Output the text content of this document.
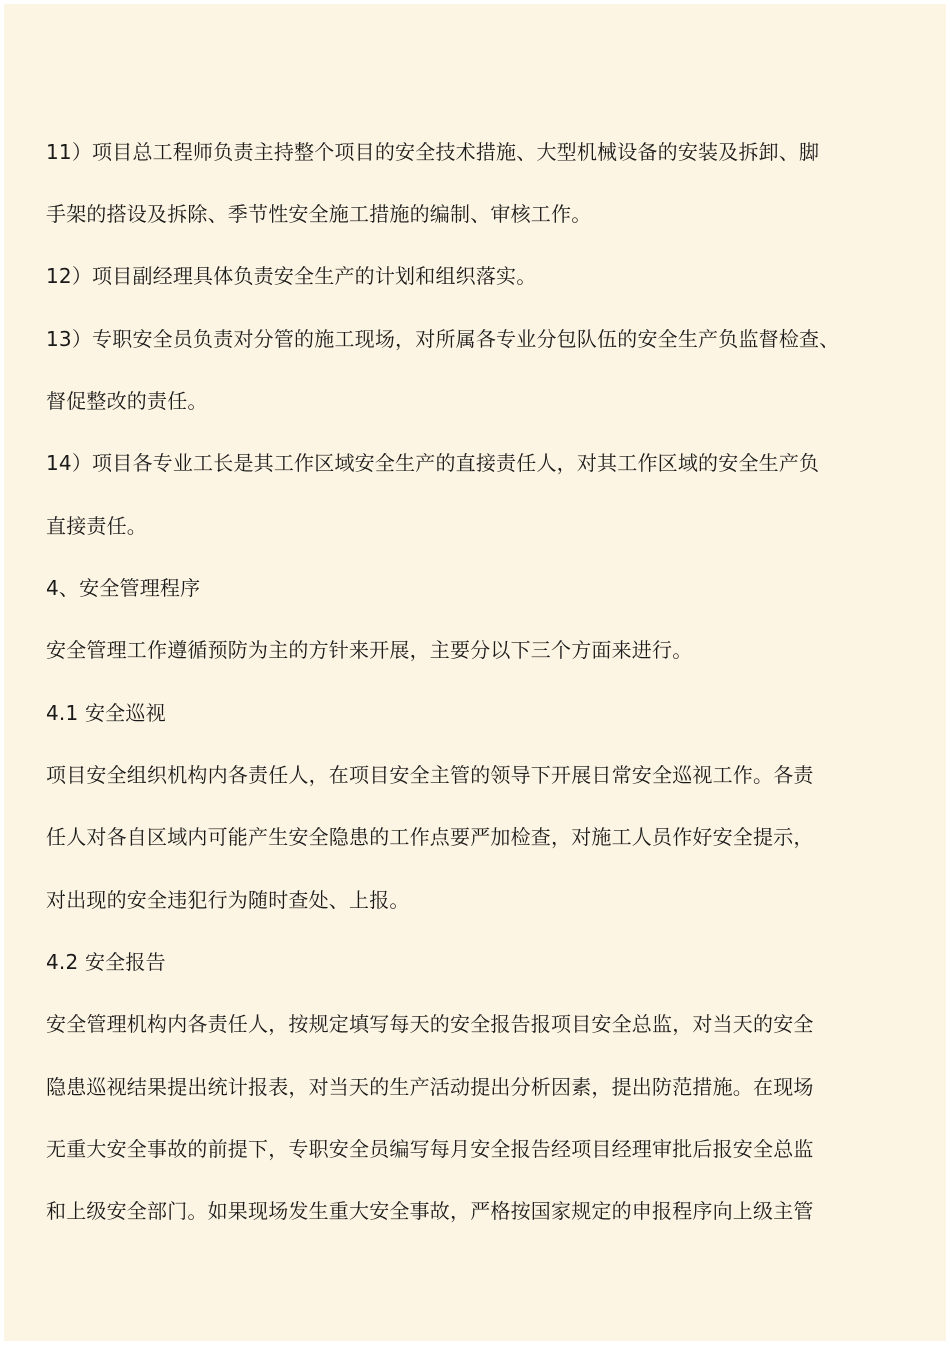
11）项目总工程师负责主持整个项目的安全技术措施、大型机械设备的安装及拆卸、脚
手架的搭设及拆除、季节性安全施工措施的编制、审核工作。
12）项目副经理具体负责安全生产的计划和组织落实。
13）专职安全员负责对分管的施工现场，对所属各专业分包队伍的安全生产负监督检查、
督促整改的责任。
14）项目各专业工长是其工作区域安全生产的直接责任人，对其工作区域的安全生产负
直接责任。
4、安全管理程序
安全管理工作遵循预防为主的方针来开展，主要分以下三个方面来进行。
4.1 安全巡视
项目安全组织机构内各责任人，在项目安全主管的领导下开展日常安全巡视工作。各责
任人对各自区域内可能产生安全隐患的工作点要严加检查，对施工人员作好安全提示，
对出现的安全违犯行为随时查处、上报。
4.2 安全报告
安全管理机构内各责任人，按规定填写每天的安全报告报项目安全总监，对当天的安全
隐患巡视结果提出统计报表，对当天的生产活动提出分析因素，提出防范措施。在现场
无重大安全事故的前提下，专职安全员编写每月安全报告经项目经理审批后报安全总监
和上级安全部门。如果现场发生重大安全事故，严格按国家规定的申报程序向上级主管
